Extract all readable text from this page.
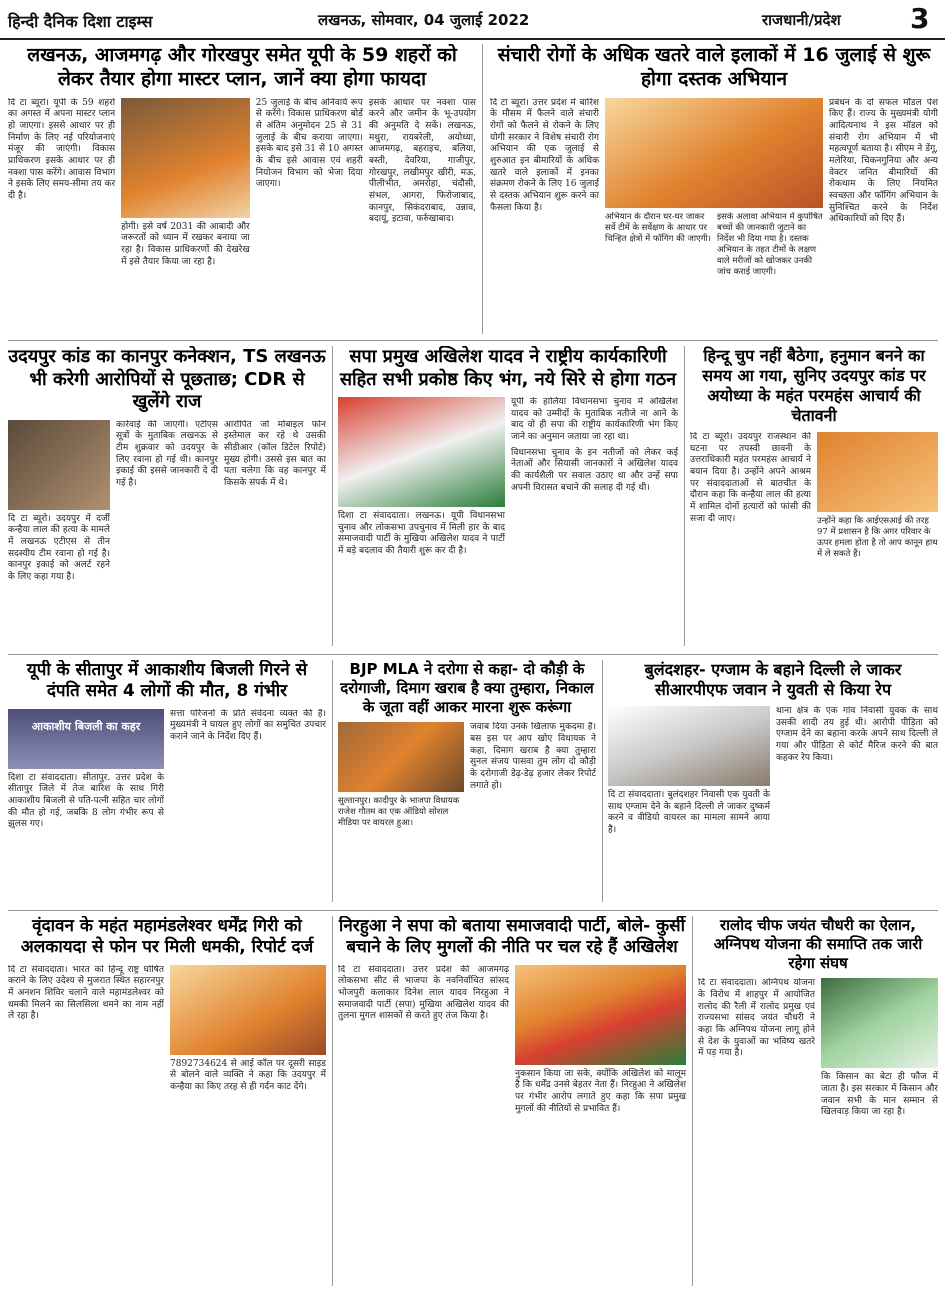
हिन्दी दैनिक दिशा टाइम्स	लखनऊ, सोमवार, 04 जुलाई 2022	राजधानी/प्रदेश 3
लखनऊ, आजमगढ़ और गोरखपुर समेत यूपी के 59 शहरों को लेकर तैयार होगा मास्टर प्लान, जानें क्या होगा फायदा
दि टा ब्यूरो। यूपी के 59 शहरों का अगस्त में अपना मास्टर प्लान हो जाएगा। इससे आधार पर ही निर्माण के लिए नई परियोजनाएं मंजूर की जाएंगी। विकास प्राधिकरण इसके आधार पर ही नक्शा पास करेंगे। आवास विभाग ने इसके लिए समय-सीमा तय कर दी है।
होगी। इसे वर्ष 2031 की आबादी और जरूरतों को ध्यान में रखकर बनाया जा रहा है। विकास प्राधिकरणों की देखरेख में इसे तैयार किया जा रहा है।
25 जुलाई के बीच अनिवार्य रूप से करेंगे। विकास प्राधिकरण बोर्ड से अंतिम अनुमोदन 25 से 31 जुलाई के बीच कराया जाएगा। इसके बाद इसे 31 से 10 अगस्त के बीच इसे आवास एवं शहरी नियोजन विभाग को भेजा दिया जाएगा।
इसके आधार पर नक्शा पास करने और जमीन के भू-उपयोग की अनुमति दे सकें। लखनऊ, मथुरा, रायबरेली, अयोध्या, आजमगढ़, बहराइच, बलिया, बस्ती, देवरिया, गाजीपुर, गोरखपुर, लखीमपुर खीरी, मऊ, पीलीभीत, अमरोहा, चंदौसी, संभल, आगरा, फिरोजाबाद, कानपुर, सिकंदराबाद, उन्नाव, बदायूं, इटावा, फर्रुखाबाद।
संचारी रोगों के अधिक खतरे वाले इलाकों में 16 जुलाई से शुरू होगा दस्तक अभियान
दि टा ब्यूरो। उत्तर प्रदेश में बारिश के मौसम में फैलने वाले संचारी रोगों को फैलने से रोकने के लिए योगी सरकार ने विशेष संचारी रोग अभियान की एक जुलाई से शुरुआत इन बीमारियों के अधिक खतरे वाले इलाकों में इनका संक्रमण रोकने के लिए 16 जुलाई से दस्तक अभियान शुरू करने का फैसला किया है।
अभियान के दौरान घर-घर जाकर सर्वे टीमें के सर्वेक्षण के आधार पर चिन्हित क्षेत्रों में फॉगिंग की जाएगी।
इसके अलावा अभियान में कुपोषित बच्चों की जानकारी जुटाने का निर्देश भी दिया गया है। दस्तक अभियान के तहत टीमों के लक्षण वाले मरीजों को खोजकर उनकी जांच कराई जाएगी।
प्रबंधन के दो सफल मॉडल पेश किए हैं। राज्य के मुख्यमंत्री योगी आदित्यनाथ ने इस मॉडल को संचारी रोग अभियान में भी महत्वपूर्ण बताया है। सीएम ने डेंगू, मलेरिया, चिकनगुनिया और अन्य वेक्टर जनित बीमारियों की रोकथाम के लिए नियमित स्वच्छता और फॉगिंग अभियान के सुनिश्चित करने के निर्देश अधिकारियों को दिए हैं।
उदयपुर कांड का कानपुर कनेक्शन, TS लखनऊ भी करेगी आरोपियों से पूछताछ; CDR से खुलेंगे राज
दि टा ब्यूरो। उदयपुर में दर्जी कन्हैया लाल की हत्या के मामले में लखनऊ एटीएस से तीन सदस्यीय टीम रवाना हो गई है। कानपुर इकाई को अलर्ट रहने के लिए कहा गया है।
कार्रवाई की जाएगी। एटीएस सूत्रों के मुताबिक लखनऊ से टीम शुक्रवार को उदयपुर के लिए रवाना हो गई थी। कानपुर इकाई की इससे जानकारी दे दी गई है।
आरोपित जो मोबाइल फोन इस्तेमाल कर रहे थे उसकी सीडीआर (कॉल डिटेल रिपोर्ट) मुख्य होगी। उससे इस बात का पता चलेगा कि वह कानपुर में किसके संपर्क में थे।
सपा प्रमुख अखिलेश यादव ने राष्ट्रीय कार्यकारिणी सहित सभी प्रकोष्ठ किए भंग, नये सिरे से होगा गठन
दिशा टा संवाददाता। लखनऊ। यूपी विधानसभा चुनाव और लोकसभा उपचुनाव में मिली हार के बाद समाजवादी पार्टी के मुखिया अखिलेश यादव ने पार्टी में बड़े बदलाव की तैयारी शुरू कर दी है।
यूपी के हालिया विधानसभा चुनाव में अखिलेश यादव को उम्मीदों के मुताबिक नतीजे ना आने के बाद वो ही सपा की राष्ट्रीय कार्यकारिणी भंग किए जाने का अनुमान जताया जा रहा था।
विधानसभा चुनाव के इन नतीजों को लेकर कई नेताओं और सियासी जानकारों ने अखिलेश यादव की कार्यशैली पर सवाल उठाए था और उन्हें सपा अपनी विरासत बचाने की सलाह दी गई थी।
हिन्दू चुप नहीं बैठेगा, हनुमान बनने का समय आ गया, सुनिए उदयपुर कांड पर अयोध्या के महंत परमहंस आचार्य की चेतावनी
दि टा ब्यूरो। उदयपुर राजस्थान की घटना पर तपस्वी छावनी के उत्तराधिकारी महंत परमहंस आचार्य ने बयान दिया है। उन्होंने अपने आश्रम पर संवाददाताओं से बातचीत के दौरान कहा कि कन्हैया लाल की हत्या में शामिल दोनों हत्यारों को फांसी की सजा दी जाए।	उन्होंने कहा कि आईएसआई की तरह 97 में प्रशासन है कि अगर परिवार के ऊपर हमला होता है तो आप कानून हाथ में ले सकते हैं।
यूपी के सीतापुर में आकाशीय बिजली गिरने से दंपति समेत 4 लोगों की मौत, 8 गंभीर
आकाशीय बिजली का कहर
दिशा टा संवाददाता। सीतापुर. उत्तर प्रदेश के सीतापुर जिले में तेज बारिश के साथ गिरी आकाशीय बिजली से पति-पत्नी सहित चार लोगों की मौत हो गई, जबकि 8 लोग गंभीर रूप से झुलस गए।
सत्ता परिजनों के प्रति संवेदना व्यक्त की है। मुख्यमंत्री ने घायल हुए लोगों का समुचित उपचार कराने जाने के निर्देश दिए हैं।
BJP MLA ने दरोगा से कहा- दो कौड़ी के दरोगाजी, दिमाग खराब है क्या तुम्हारा, निकाल के जूता वहीं आकर मारना शुरू करूंगा
सुल्तानपुर। कादीपुर के भाजपा विधायक राजेश गौतम का एक ऑडियो सोशल मीडिया पर वायरल हुआ।
जवाब दिया उनके खिलाफ मुकदमा है। बस इस पर आप खोए विधायक ने कहा, दिमाग खराब है क्या तुम्हारा सुनल संजय पासवा तुम लोग दो कौड़ी के दरोगाजी डेढ़-डेढ़ हजार लेकर रिपोर्ट लगाते हो।
बुलंदशहर- एग्जाम के बहाने दिल्ली ले जाकर सीआरपीएफ जवान ने युवती से किया रेप
दि टा संवाददाता। बुलंदशहर निवासी एक युवती के साथ एग्जाम देने के बहाने दिल्ली ले जाकर दुष्कर्म करने व वीडियो वायरल का मामला सामने आया है।
थाना क्षेत्र के एक गांव निवासी युवक के साथ उसकी शादी तय हुई थी। आरोपी पीड़िता को एग्जाम देने का बहाना करके अपने साथ दिल्ली ले गया और पीड़िता से कोर्ट मैरिज करने की बात कहकर रेप किया।
वृंदावन के महंत महामंडलेश्वर धर्मेंद्र गिरी को अलकायदा से फोन पर मिली धमकी, रिपोर्ट दर्ज
दि टा संवाददाता। भारत को हिन्दू राष्ट्र घोषित कराने के लिए उदेश्य से मुजरात स्थित सहारनपुर में अनशन शिविर चलाने वाले महामंडलेश्वर को धमकी मिलने का सिलसिला थमने का नाम नहीं ले रहा है।
7892734624 से आई कॉल पर दूसरी साइड से बोलने वाले व्यक्ति ने कहा कि उदयपुर में कन्हैया का किए तरह से ही गर्दन काट देंगे।
निरहुआ ने सपा को बताया समाजवादी पार्टी, बोले- कुर्सी बचाने के लिए मुगलों की नीति पर चल रहे हैं अखिलेश
दि टा संवाददाता। उत्तर प्रदेश की आजमगढ़ लोकसभा सीट से भाजपा के नवनिर्वाचित सांसद भोजपुरी कलाकार दिनेश लाल यादव निरहुआ ने समाजवादी पार्टी (सपा) मुखिया अखिलेश यादव की तुलना मुगल शासकों से करते हुए तंज किया है।
नुकसान किया जा सके, क्योंकि अखिलेश को मालूम है कि धर्मेंद्र उनसे बेहतर नेता हैं। निरहुआ ने अखिलेश पर गंभीर आरोप लगाते हुए कहा कि सपा प्रमुख मुगलों की नीतियों से प्रभावित हैं।
रालोद चीफ जयंत चौधरी का ऐलान, अग्निपथ योजना की समाप्ति तक जारी रहेगा संघष
दि टा संवाददाता। अग्निपथ योजना के विरोध में शाहपुर में आयोजित रालोद की रैली में रालोद प्रमुख एवं राज्यसभा सांसद जयंत चौधरी ने कहा कि अग्निपथ योजना लागू होने से देश के युवाओं का भविष्य खतरे में पड़ गया है।
कि किसान का बेटा ही फौज में जाता है। इस सरकार में किसान और जवान सभी के मान सम्मान से खिलवाड़ किया जा रहा है।
